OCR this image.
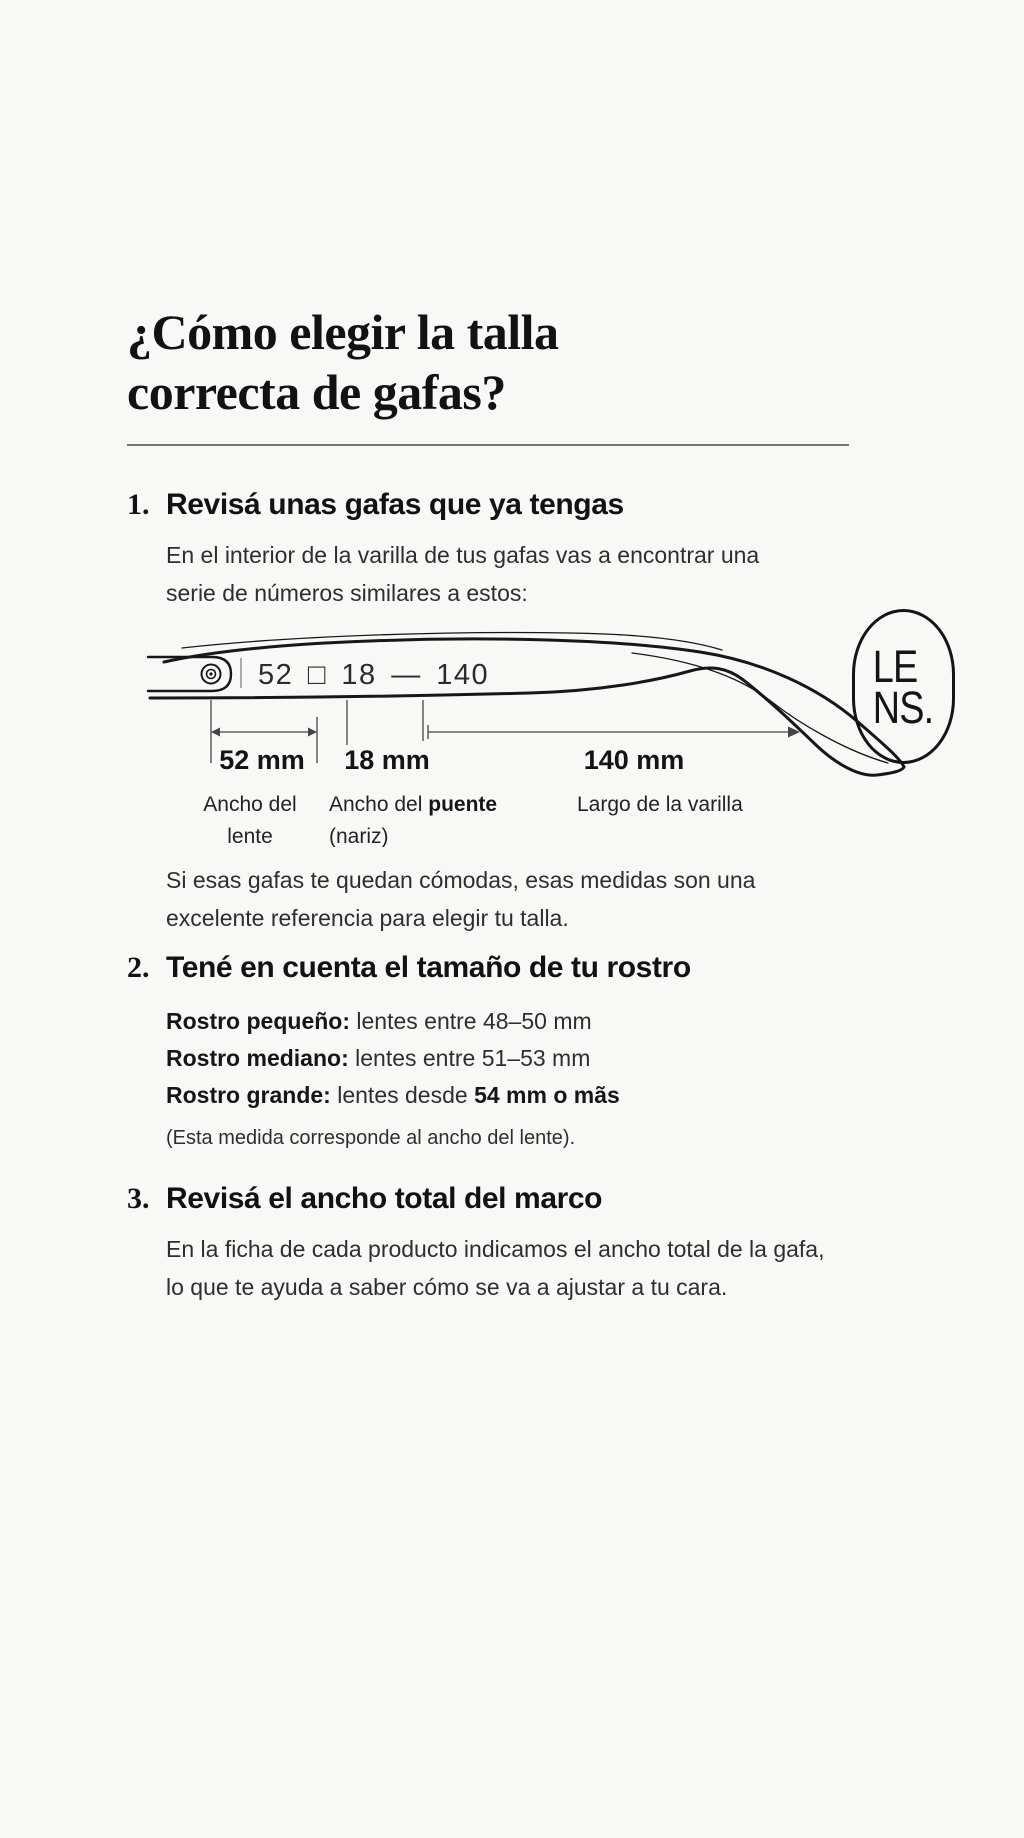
¿Cómo elegir la talla
correcta de gafas?
LE
NS.
1. Revisá unas gafas que ya tengas
En el interior de la varilla de tus gafas vas a encontrar una
serie de números similares a estos:
52 □ 18 — 140
52 mm 18 mm	140 mm
Ancho del
lente
Ancho del puente
(nariz)
Largo de la varilla
Si esas gafas te quedan cómodas, esas medidas son una
excelente referencia para elegir tu talla.
2. Tené en cuenta el tamaño de tu rostro
Rostro pequeño: lentes entre 48–50 mm
Rostro mediano: lentes entre 51–53 mm
Rostro grande: lentes desde 54 mm o mãs
(Esta medida corresponde al ancho del lente).
3. Revisá el ancho total del marco
En la ficha de cada producto indicamos el ancho total de la gafa,
lo que te ayuda a saber cómo se va a ajustar a tu cara.
